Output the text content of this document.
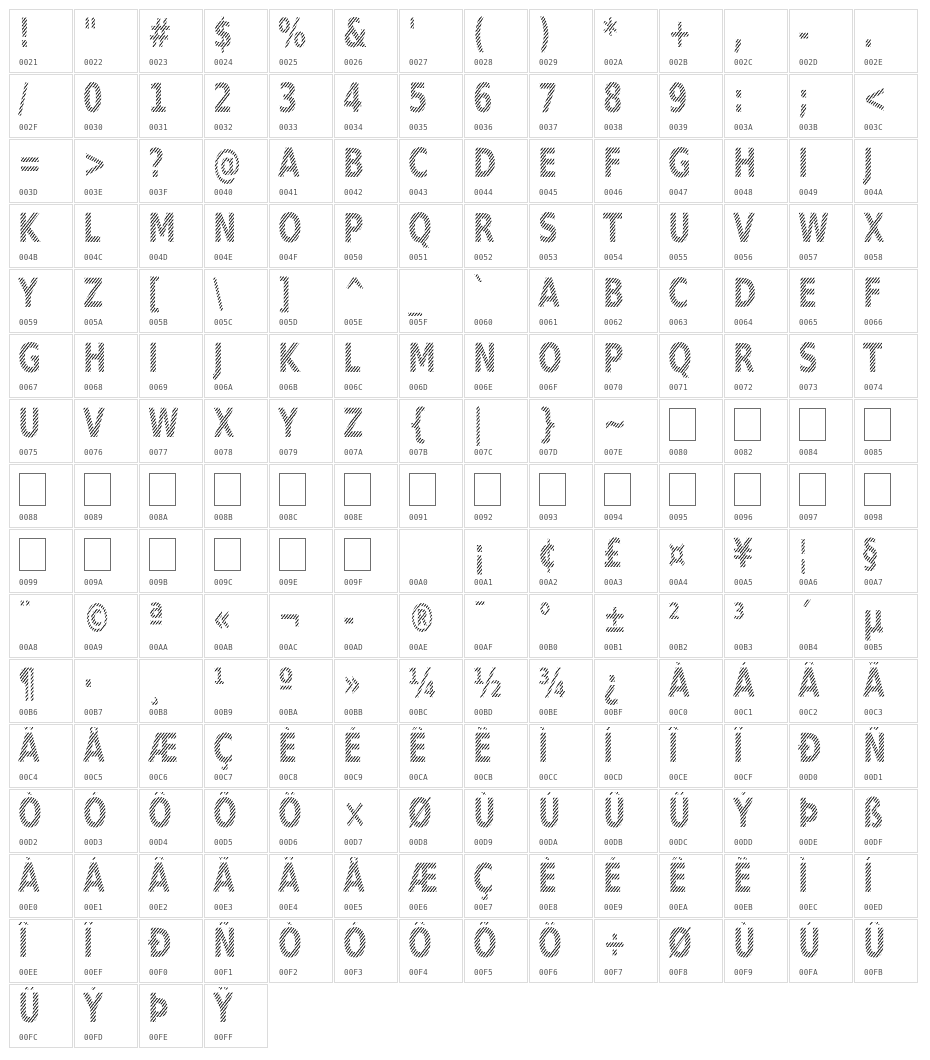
!
0021
"
0022
#
0023
$
0024
%
0025
&
0026
'
0027
(
0028
)
0029
*
002A
+
002B
,
002C
-
002D
.
002E
/
002F
0
0030
1
0031
2
0032
3
0033
4
0034
5
0035
6
0036
7
0037
8
0038
9
0039
:
003A
;
003B
<
003C
=
003D
>
003E
?
003F
@
0040
A
0041
B
0042
C
0043
D
0044
E
0045
F
0046
G
0047
H
0048
I
0049
J
004A
K
004B
L
004C
M
004D
N
004E
O
004F
P
0050
Q
0051
R
0052
S
0053
T
0054
U
0055
V
0056
W
0057
X
0058
Y
0059
Z
005A
[
005B
\
005C
]
005D
^
005E
_
005F
`
0060
A
0061
B
0062
C
0063
D
0064
E
0065
F
0066
G
0067
H
0068
I
0069
J
006A
K
006B
L
006C
M
006D
N
006E
O
006F
P
0070
Q
0071
R
0072
S
0073
T
0074
U
0075
V
0076
W
0077
X
0078
Y
0079
Z
007A
{
007B
|
007C
}
007D
~
007E	0080	0082	0084	0085
0088	0089	008A	008B	008C	008E	0091	0092	0093	0094	0095	0096	0097	0098
0099	009A	009B	009C	009E	009F
	00A0
¡
00A1
¢
00A2
£
00A3
¤
00A4
¥
00A5
¦
00A6
§
00A7
¨
00A8
©
00A9
ª
00AA
«
00AB
¬
00AC
-
00AD
®
00AE
¯
00AF
°
00B0
±
00B1
²
00B2
³
00B3
´
00B4
µ
00B5
¶
00B6
·
00B7
¸
00B8
¹
00B9
º
00BA
»
00BB
¼
00BC
½
00BD
¾
00BE
¿
00BF
À
00C0
Á
00C1
Â
00C2
Ã
00C3
Ä
00C4
Å
00C5
Æ
00C6
Ç
00C7
È
00C8
É
00C9
Ê
00CA
Ë
00CB
Ì
00CC
Í
00CD
Î
00CE
Ï
00CF
Ð
00D0
Ñ
00D1
Ò
00D2
Ó
00D3
Ô
00D4
Õ
00D5
Ö
00D6
×
00D7
Ø
00D8
Ù
00D9
Ú
00DA
Û
00DB
Ü
00DC
Ý
00DD
Þ
00DE
ß
00DF
À
00E0
Á
00E1
Â
00E2
Ã
00E3
Ä
00E4
Å
00E5
Æ
00E6
Ç
00E7
È
00E8
É
00E9
Ê
00EA
Ë
00EB
Ì
00EC
Í
00ED
Î
00EE
Ï
00EF
Ð
00F0
Ñ
00F1
Ò
00F2
Ó
00F3
Ô
00F4
Õ
00F5
Ö
00F6
÷
00F7
Ø
00F8
Ù
00F9
Ú
00FA
Û
00FB
Ü
00FC
Ý
00FD
Þ
00FE
Ÿ
00FF
